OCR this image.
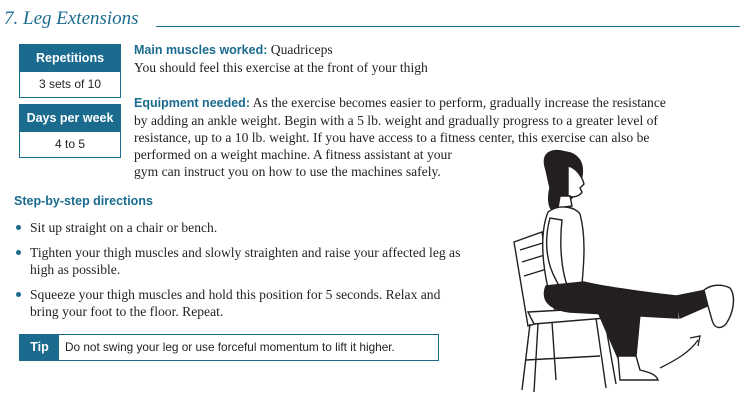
7. Leg Extensions
Repetitions
3 sets of 10
Days per week
4 to 5
Main muscles worked: Quadriceps
You should feel this exercise at the front of your thigh
Equipment needed: As the exercise becomes easier to perform, gradually increase the resistance
by adding an ankle weight. Begin with a 5 lb. weight and gradually progress to a greater level of
resistance, up to a 10 lb. weight. If you have access to a fitness center, this exercise can also be
performed on a weight machine. A fitness assistant at your
gym can instruct you on how to use the machines safely.
Step-by-step directions
Sit up straight on a chair or bench.
Tighten your thigh muscles and slowly straighten and raise your affected leg as
high as possible.
Squeeze your thigh muscles and hold this position for 5 seconds. Relax and
bring your foot to the floor. Repeat.
Tip	Do not swing your leg or use forceful momentum to lift it higher.
